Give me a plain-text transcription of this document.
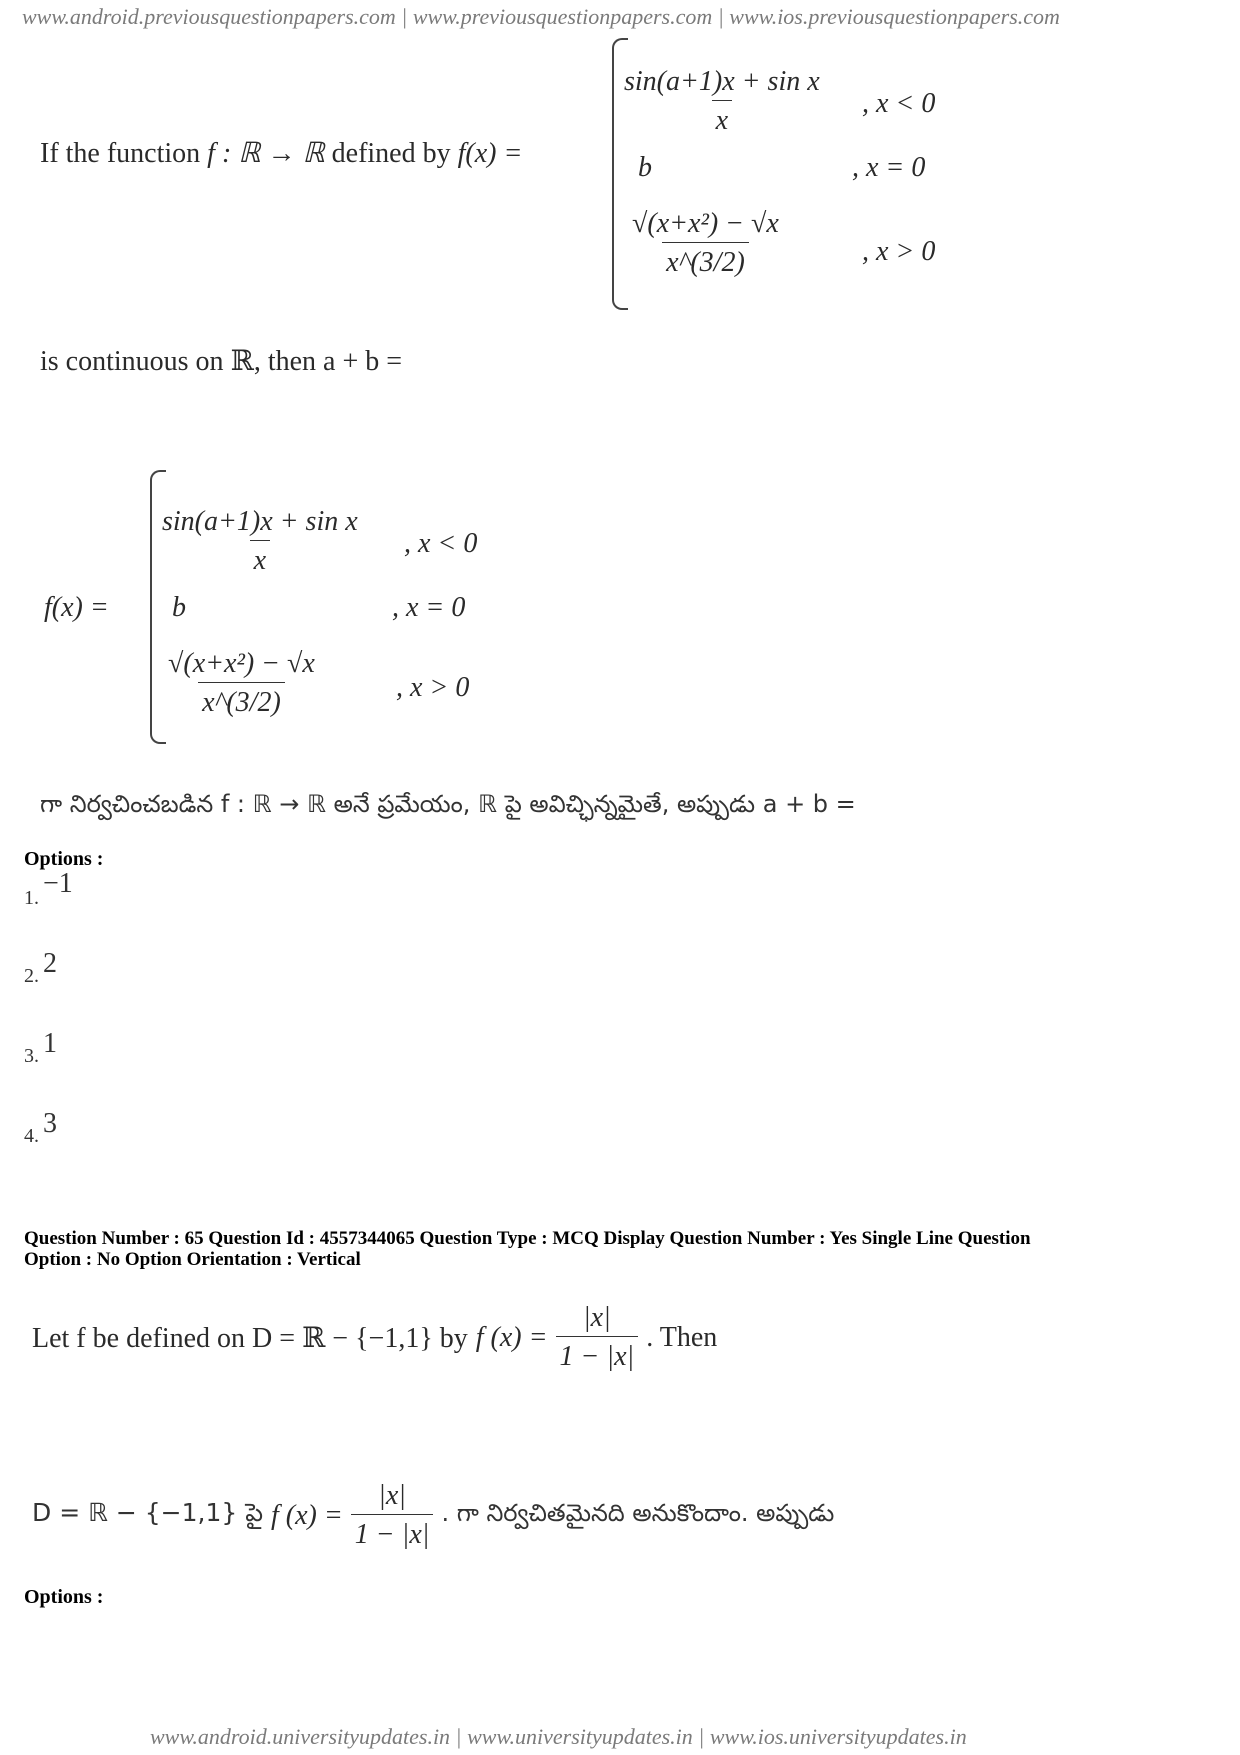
www.android.previousquestionpapers.com | www.previousquestionpapers.com | www.ios.previousquestionpapers.com
If the function f : ℝ → ℝ defined by f(x) =
$\frac{\text{sin(a+1)x + sin x}}{x}$ , x < 0
b	, x = 0
$\frac{\text{√(x+x²) − √x}}{x\^{}(3/2)}$	, x > 0
is continuous on ℝ, then a + b =
f(x) =
$\frac{\text{sin(a+1)x + sin x}}{x}$ , x < 0
b	, x = 0
$\frac{\text{√(x+x²) − √x}}{x\^{}(3/2)}$	, x > 0
గా నిర్వచించబడిన f : ℝ → ℝ అనే ప్రమేయం, ℝ పై అవిచ్ఛిన్నమైతే, అప్పుడు a + b =
Options :
1. −1
2. 2
3. 1
4. 3
Question Number : 65 Question Id : 4557344065 Question Type : MCQ Display Question Number : Yes Single Line Question
Option : No Option Orientation : Vertical
Let f be defined on D = ℝ − {−1,1} by f $(x) = \frac{|x|}{1 - |x|}$ . Then
D = ℝ − {−1,1} పై f $(x) = \frac{|x|}{1 - |x|}$ . గా నిర్వచితమైనది అనుకొందాం. అప్పుడు
Options :
www.android.universityupdates.in | www.universityupdates.in | www.ios.universityupdates.in
